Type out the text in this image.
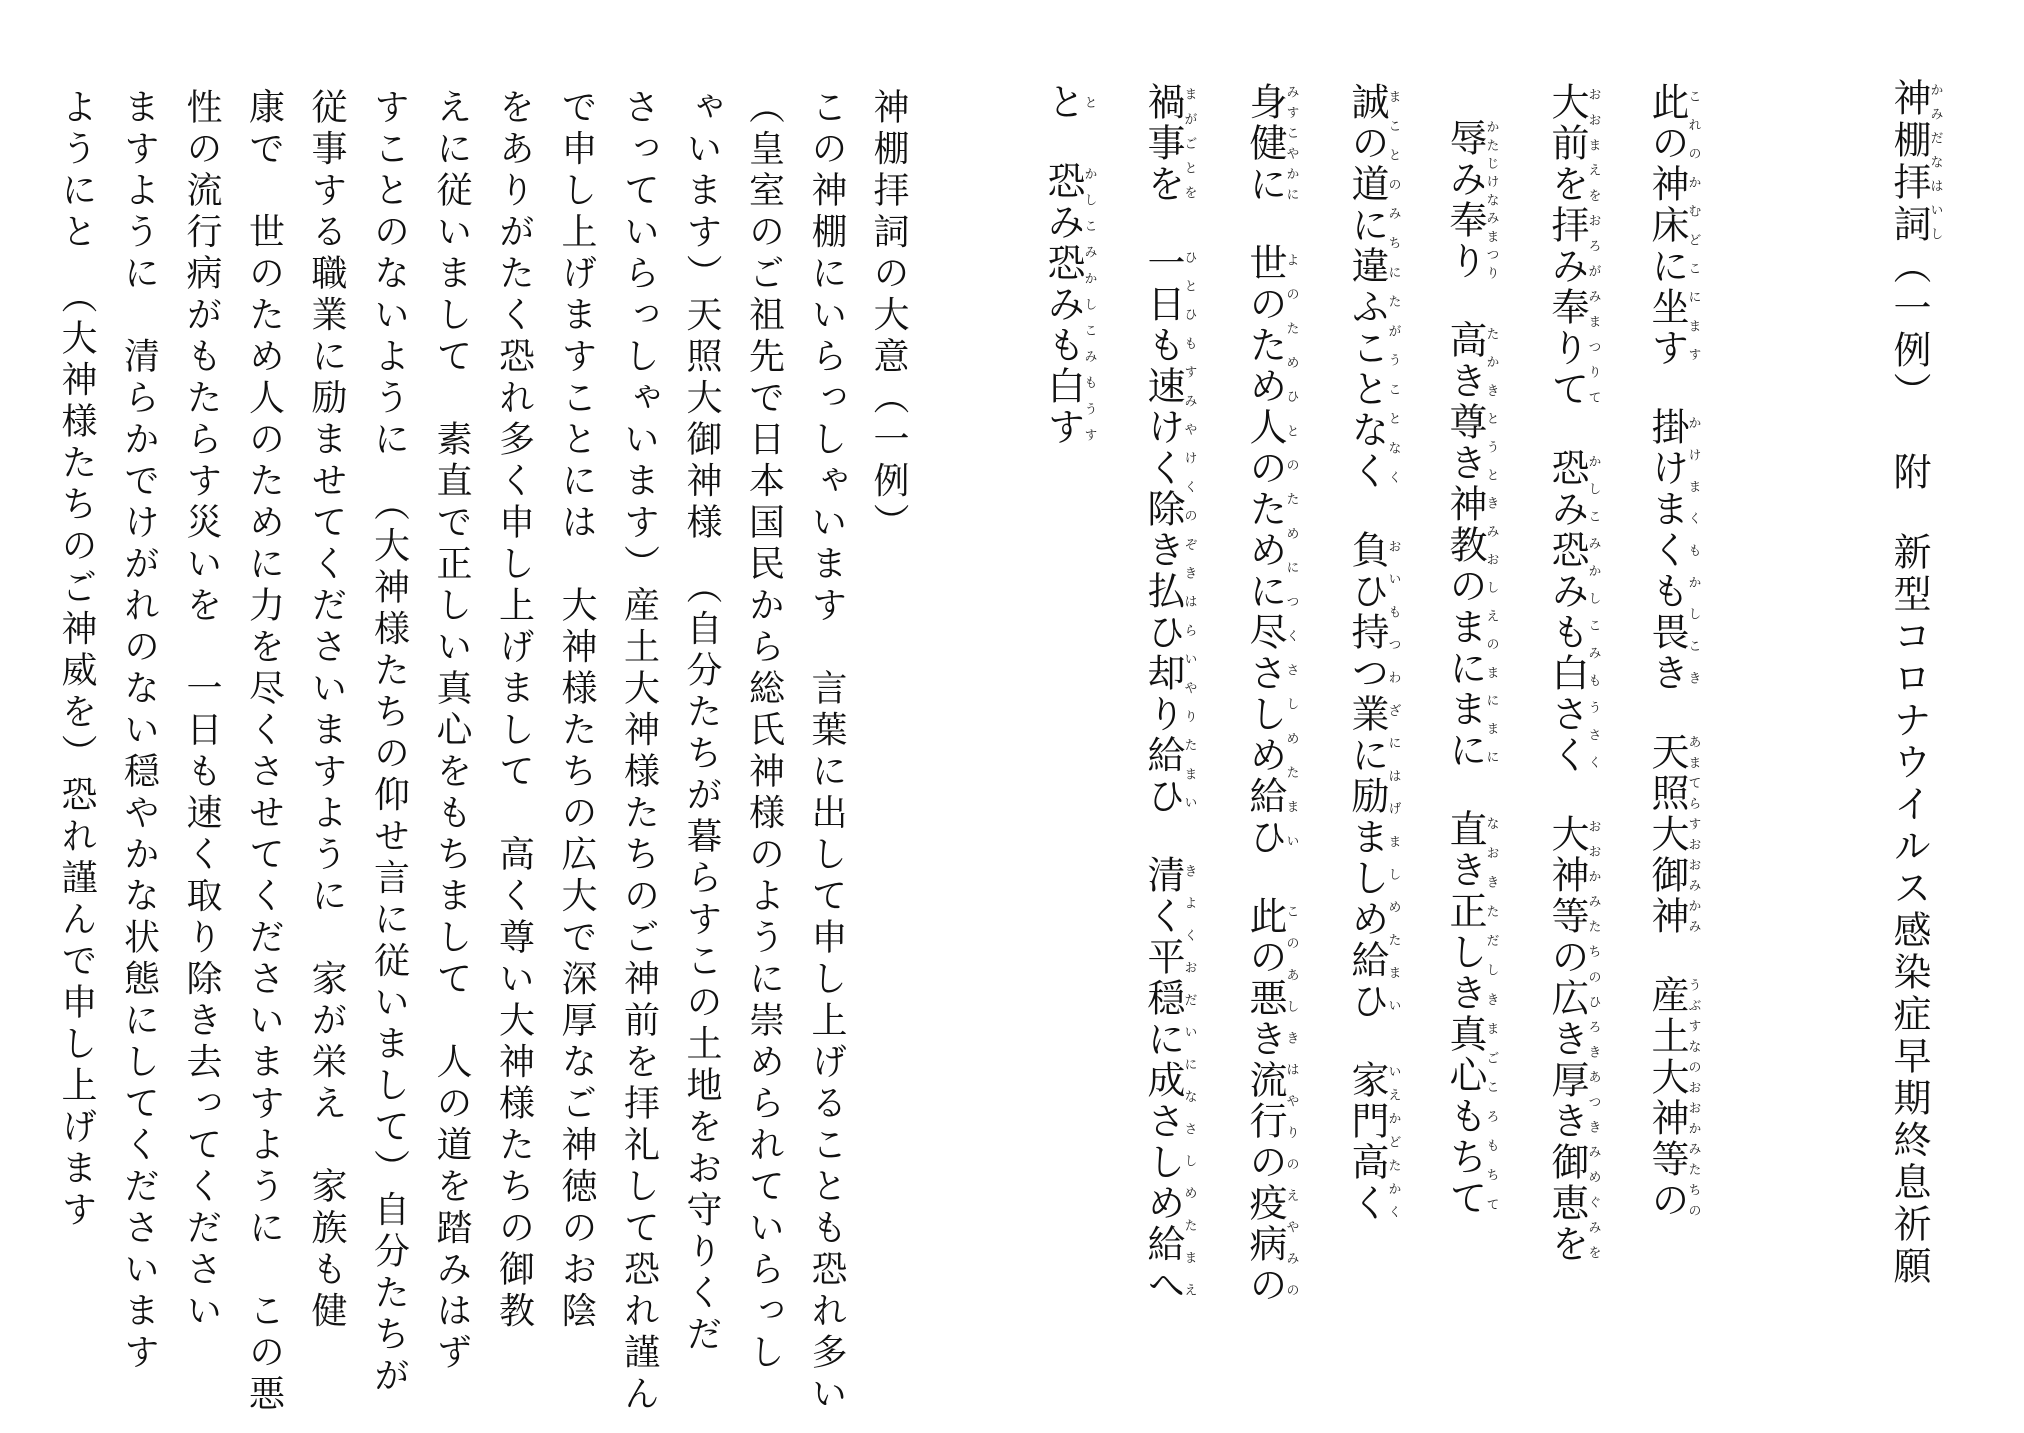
神棚拝詞かみだなはいし（一例）附新型コロナウイルス感染症早期終息祈願
此の神床に坐すこれのかむどこにます掛けまくも畏きかけまくもかしこき天照大御神あまてらすおおみかみ産土大神等のうぶすなのおおかみたちの
大前を拝み奉りておおまえをおろがみまつりて恐み恐みも白さくかしこみかしこみもうさく大神等の広き厚き御恵をおおかみたちのひろきあつきみめぐみを
辱み奉りかたじけなみまつり高き尊き神教のまにまにたかきとうときみおしえのまにまに直き正しき真心もちてなおきただしきまごころもちて
誠の道に違ふことなくまことのみちにたがうことなく負ひ持つ業に励ましめ給ひおいもつわざにはげましめたまい家門高くいえかどたかく
身健にみすこやかに世のため人のために尽さしめ給ひよのためひとのためにつくさしめたまい此の悪き流行の疫病のこのあしきはやりのえやみの
禍事をまがごとを一日も速けく除き払ひ却り給ひひとひもすみやけくのぞきはらいやりたまい清く平穏に成さしめ給へきよくおだいになさしめたまえ
とと恐み恐みも白すかしこみかしこみもうす
神棚拝詞の大意（一例）
この神棚にいらっしゃいます　言葉に出して申し上げることも恐れ多い
（皇室のご祖先で日本国民から総氏神様のように崇められていらっし
ゃいます）天照大御神様　（自分たちが暮らすこの土地をお守りくだ
さっていらっしゃいます）産土大神様たちのご神前を拝礼して恐れ謹ん
で申し上げますことには　大神様たちの広大で深厚なご神徳のお陰
をありがたく恐れ多く申し上げまして　高く尊い大神様たちの御教
えに従いまして　素直で正しい真心をもちまして　人の道を踏みはず
すことのないように　（大神様たちの仰せ言に従いまして）自分たちが
従事する職業に励ませてくださいますように　家が栄え　家族も健
康で　世のため人のために力を尽くさせてくださいますように　この悪
性の流行病がもたらす災いを　一日も速く取り除き去ってください
ますように　清らかでけがれのない穏やかな状態にしてくださいます
ようにと　（大神様たちのご神威を）恐れ謹んで申し上げます
